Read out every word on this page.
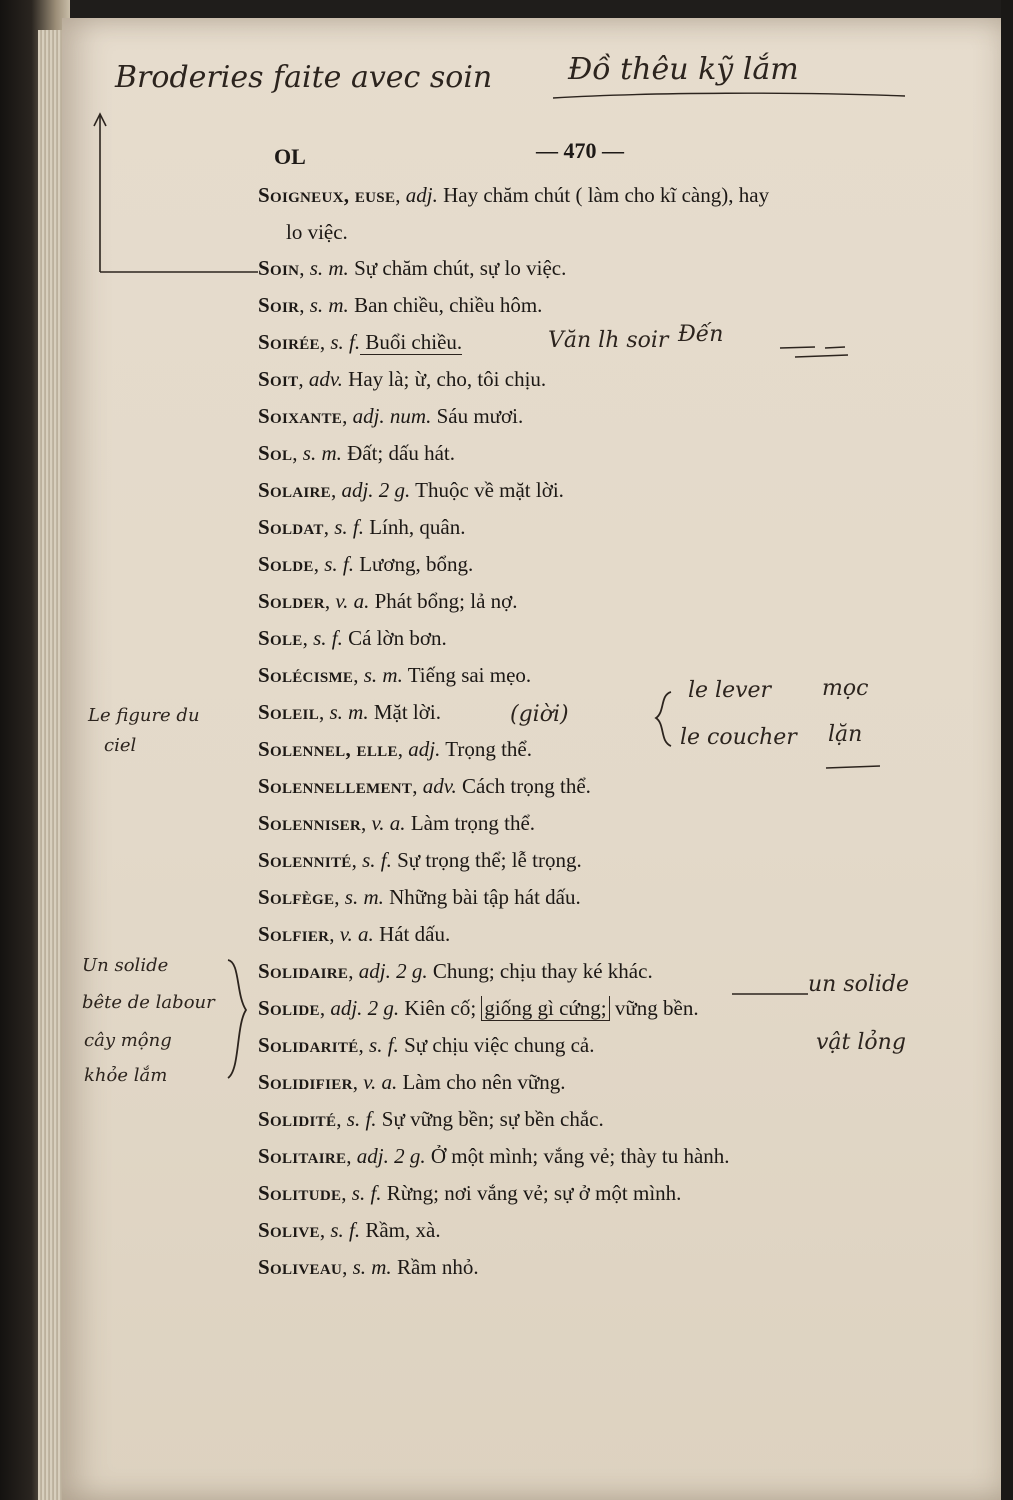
Broderies faite avec soin	Đồ thêu kỹ lắm
Văn lh soir Đến
(giời)
le lever
le coucher
mọc
lặn
Le figure du
ciel
Un solide
bête de labour
cây mộng
khỏe lắm
un solide
vật lỏng
OL	— 470 —
Soigneux, euse, adj. Hay chăm chút ( làm cho kĩ càng), hay
lo việc.
Soin, s. m. Sự chăm chút, sự lo việc.
Soir, s. m. Ban chiều, chiều hôm.
Soirée, s. f. Buổi chiều.
Soit, adv. Hay là; ừ, cho, tôi chịu.
Soixante, adj. num. Sáu mươi.
Sol, s. m. Đất; dấu hát.
Solaire, adj. 2 g. Thuộc về mặt lời.
Soldat, s. f. Lính, quân.
Solde, s. f. Lương, bổng.
Solder, v. a. Phát bổng; lả nợ.
Sole, s. f. Cá lờn bơn.
Solécisme, s. m. Tiếng sai mẹo.
Soleil, s. m. Mặt lời.
Solennel, elle, adj. Trọng thể.
Solennellement, adv. Cách trọng thể.
Solenniser, v. a. Làm trọng thể.
Solennité, s. f. Sự trọng thể; lễ trọng.
Solfège, s. m. Những bài tập hát dấu.
Solfier, v. a. Hát dấu.
Solidaire, adj. 2 g. Chung; chịu thay ké khác.
Solide, adj. 2 g. Kiên cố; giống gì cứng; vững bền.
Solidarité, s. f. Sự chịu việc chung cả.
Solidifier, v. a. Làm cho nên vững.
Solidité, s. f. Sự vững bền; sự bền chắc.
Solitaire, adj. 2 g. Ở một mình; vắng vẻ; thày tu hành.
Solitude, s. f. Rừng; nơi vắng vẻ; sự ở một mình.
Solive, s. f. Rầm, xà.
Soliveau, s. m. Rầm nhỏ.
